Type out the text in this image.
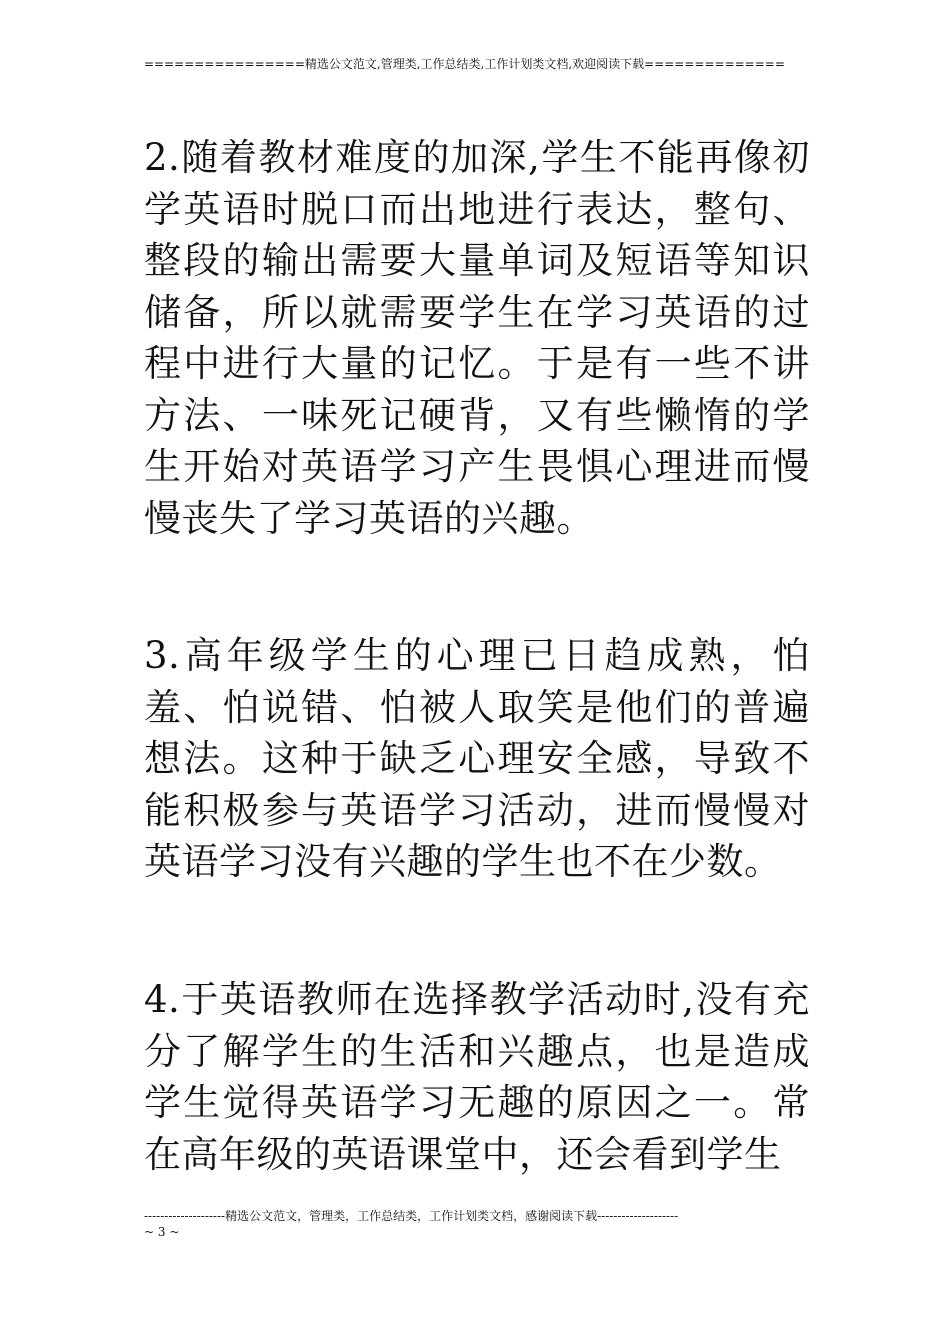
================精选公文范文,管理类,工作总结类,工作计划类文档,欢迎阅读下载==============

2.随着教材难度的加深,学生不能再像初学英语时脱口而出地进行表达，整句、整段的输出需要大量单词及短语等知识储备，所以就需要学生在学习英语的过程中进行大量的记忆。于是有一些不讲方法、一味死记硬背，又有些懒惰的学生开始对英语学习产生畏惧心理进而慢慢丧失了学习英语的兴趣。

3.高年级学生的心理已日趋成熟，怕羞、怕说错、怕被人取笑是他们的普遍想法。这种于缺乏心理安全感，导致不能积极参与英语学习活动，进而慢慢对英语学习没有兴趣的学生也不在少数。

4.于英语教师在选择教学活动时,没有充分了解学生的生活和兴趣点，也是造成学生觉得英语学习无趣的原因之一。常在高年级的英语课堂中，还会看到学生

--------------------精选公文范文，管理类，工作总结类，工作计划类文档，感谢阅读下载--------------------
~ 3 ~
